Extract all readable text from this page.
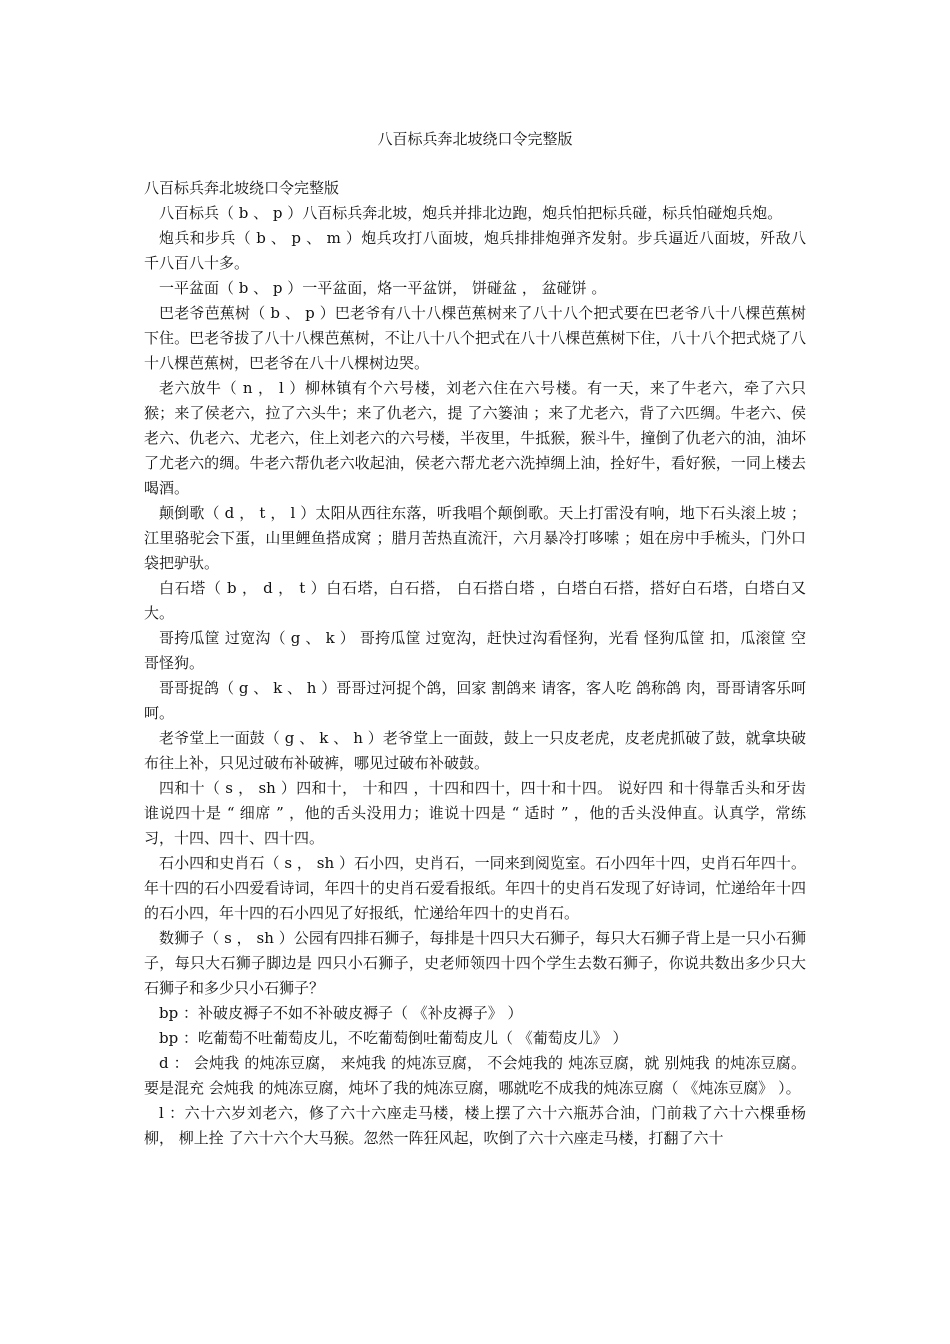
八百标兵奔北坡绕口令完整版

八百标兵奔北坡绕口令完整版

八百标兵（ b 、 p ）八百标兵奔北坡，炮兵并排北边跑，炮兵怕把标兵碰，标兵怕碰炮兵炮。

炮兵和步兵（ b 、 p 、 m ）炮兵攻打八面坡，炮兵排排炮弹齐发射。步兵逼近八面坡，歼敌八千八百八十多。

一平盆面（ b 、 p ）一平盆面，烙一平盆饼， 饼碰盆 ， 盆碰饼 。

巴老爷芭蕉树（ b 、 p ）巴老爷有八十八棵芭蕉树来了八十八个把式要在巴老爷八十八棵芭蕉树下住。巴老爷拔了八十八棵芭蕉树，不让八十八个把式在八十八棵芭蕉树下住，八十八个把式烧了八十八棵芭蕉树，巴老爷在八十八棵树边哭。

老六放牛（ n ， l ）柳林镇有个六号楼，刘老六住在六号楼。有一天，来了牛老六，牵了六只猴；来了侯老六，拉了六头牛；来了仇老六，提 了六篓油 ；来了尤老六，背了六匹绸。牛老六、侯老六、仇老六、尤老六，住上刘老六的六号楼，半夜里，牛抵猴，猴斗牛，撞倒了仇老六的油，油坏了尤老六的绸。牛老六帮仇老六收起油，侯老六帮尤老六洗掉绸上油，拴好牛，看好猴，一同上楼去喝酒。

颠倒歌（ d ， t ， l ）太阳从西往东落，听我唱个颠倒歌。天上打雷没有响，地下石头滚上坡 ；江里骆驼会下蛋，山里鲤鱼搭成窝 ；腊月苦热直流汗，六月暴冷打哆嗦 ；姐在房中手梳头，门外口袋把驴驮。

白石塔（ b ， d ， t ）白石塔，白石搭， 白石搭白塔 ，白塔白石搭，搭好白石塔，白塔白又大。

哥挎瓜筐 过宽沟（ g 、 k ） 哥挎瓜筐 过宽沟，赶快过沟看怪狗，光看 怪狗瓜筐 扣，瓜滚筐 空哥怪狗。

哥哥捉鸽（ g 、 k 、 h ）哥哥过河捉个鸽，回家 割鸽来 请客，客人吃 鸽称鸽 肉，哥哥请客乐呵呵。

老爷堂上一面鼓（ g 、 k 、 h ）老爷堂上一面鼓，鼓上一只皮老虎，皮老虎抓破了鼓，就拿块破布往上补，只见过破布补破裤，哪见过破布补破鼓。

四和十（ s ， sh ）四和十， 十和四 ，十四和四十，四十和十四。 说好四 和十得靠舌头和牙齿谁说四十是 “ 细席 ” ，他的舌头没用力；谁说十四是 “ 适时 ” ，他的舌头没伸直。认真学，常练习，十四、四十、四十四。

石小四和史肖石（ s ， sh ）石小四，史肖石，一同来到阅览室。石小四年十四，史肖石年四十。年十四的石小四爱看诗词，年四十的史肖石爱看报纸。年四十的史肖石发现了好诗词，忙递给年十四的石小四，年十四的石小四见了好报纸，忙递给年四十的史肖石。

数狮子（ s ， sh ）公园有四排石狮子，每排是十四只大石狮子，每只大石狮子背上是一只小石狮子，每只大石狮子脚边是 四只小石狮子，史老师领四十四个学生去数石狮子，你说共数出多少只大石狮子和多少只小石狮子？

bp ：补破皮褥子不如不补破皮褥子（ 《补皮褥子》 ）

bp ：吃葡萄不吐葡萄皮儿，不吃葡萄倒吐葡萄皮儿（ 《葡萄皮儿》 ）

d ： 会炖我 的炖冻豆腐， 来炖我 的炖冻豆腐， 不会炖我的 炖冻豆腐，就 别炖我 的炖冻豆腐。要是混充 会炖我 的炖冻豆腐，炖坏了我的炖冻豆腐，哪就吃不成我的炖冻豆腐（ 《炖冻豆腐》 ）。

l ：六十六岁刘老六，修了六十六座走马楼，楼上摆了六十六瓶苏合油，门前栽了六十六棵垂杨柳， 柳上拴 了六十六个大马猴。忽然一阵狂风起，吹倒了六十六座走马楼，打翻了六十
